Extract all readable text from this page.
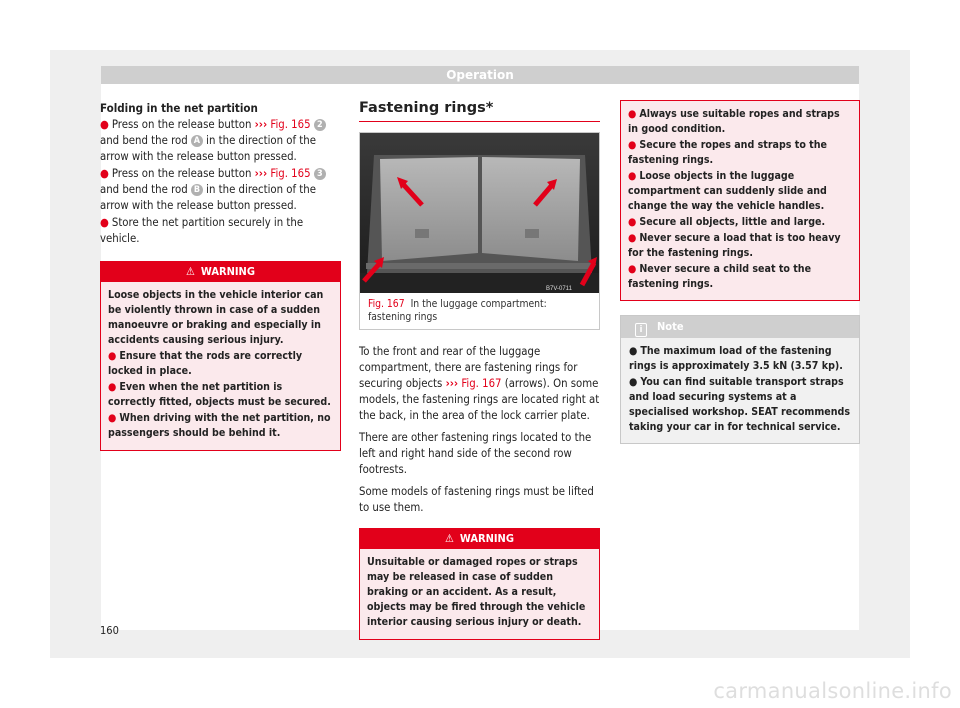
Operation

Folding in the net partition

● Press on the release button ››› Fig. 165 2
and bend the rod A in the direction of the arrow with the release button pressed.

● Press on the release button ››› Fig. 165 3
and bend the rod B in the direction of the arrow with the release button pressed.

● Store the net partition securely in the vehicle.

⚠ WARNING

Loose objects in the vehicle interior can be violently thrown in case of a sudden manoeuvre or braking and especially in accidents causing serious injury.

● Ensure that the rods are correctly locked in place.

● Even when the net partition is correctly fitted, objects must be secured.

● When driving with the net partition, no passengers should be behind it.

Fastening rings*
B7V-0711
Fig. 167 In the luggage compartment: fastening rings

To the front and rear of the luggage compartment, there are fastening rings for securing objects ››› Fig. 167 (arrows). On some models, the fastening rings are located right at the back, in the area of the lock carrier plate.

There are other fastening rings located to the left and right hand side of the second row footrests.

Some models of fastening rings must be lifted to use them.

⚠ WARNING

Unsuitable or damaged ropes or straps may be released in case of sudden braking or an accident. As a result, objects may be fired through the vehicle interior causing serious injury or death.

● Always use suitable ropes and straps in good condition.

● Secure the ropes and straps to the fastening rings.

● Loose objects in the luggage compartment can suddenly slide and change the way the vehicle handles.

● Secure all objects, little and large.

● Never secure a load that is too heavy for the fastening rings.

● Never secure a child seat to the fastening rings.

i Note

● The maximum load of the fastening rings is approximately 3.5 kN (3.57 kp).

● You can find suitable transport straps and load securing systems at a specialised workshop. SEAT recommends taking your car in for technical service.

160
carmanualsonline.info
